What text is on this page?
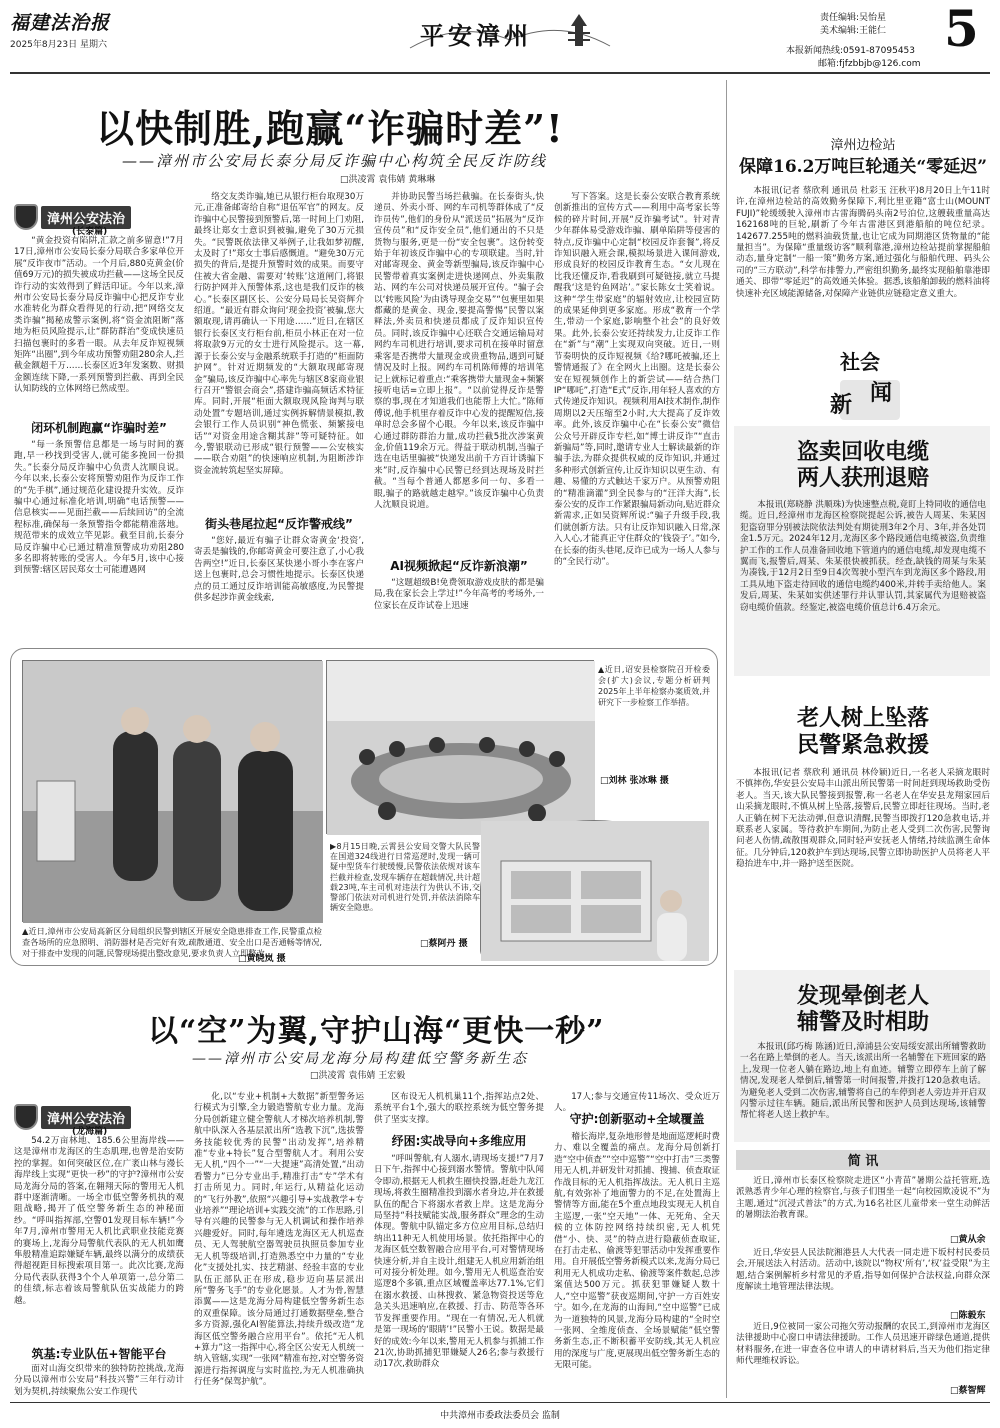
福建法治报
2025年8月23日 星期六	平安漳州
责任编辑:吴怡星
美术编辑:王能仁
本报新闻热线:0591-87095453
邮箱:fjfzbbjb@126.com
5
以快制胜,跑赢“诈骗时差”!
——漳州市公安局长泰分局反诈骗中心构筑全民反诈防线
□洪凌霄 袁伟婧 黄琳琳
漳州公安法治
(长泰篇)

“黄金投资有陷阱,汇款之前多留意!”7月17日,漳州市公安局长泰分局联合多家单位开展“反诈夜市”活动。一个月后,880克黄金(价值69万元)的损失被成功拦截——这场全民反诈行动的实效得到了鲜活印证。今年以来,漳州市公安局长泰分局反诈骗中心把反诈专业水准转化为群众看得见的行动,把“网络交友类诈骗”揭秘成警示案例,将“资金流阻断”落地为柜员风险提示,让“群防群治”变成快速员扫描包裹时的多看一眼。从去年反诈短视频矩阵“出圈”,到今年成功预警劝阻280余人,拦截金额超千万……长泰区近3年发案数、财损金额连续下降,一系列预警到拦截、再到全民认知防线的立体网络已然成型。

闭环机制跑赢“诈骗时差”

“每一条预警信息都是一场与时间的赛跑,早一秒找到受害人,就可能多挽回一份损失。”长泰分局反诈骗中心负责人沈顺良说。今年以来,长泰公安将预警劝阻作为反诈工作的“先手棋”,通过规范化建设提升实效。反诈骗中心通过标准化培训,明确“电话预警——信息核实——见面拦截——后续回访”的全流程标准,确保每一条预警指令都能精准落地。规范带来的成效立竿见影。截至目前,长泰分局反诈骗中心已通过精准预警成功劝阻280多名即将转账的受害人。今年5月,该中心接到预警:辖区居民郑女士可能遭遇网

络交友类诈骗,她已从银行柜台取现30万元,正准备邮寄给自称“退伍军官”的网友。反诈骗中心民警接到预警后,第一时间上门劝阻,最终让郑女士意识到被骗,避免了30万元损失。“民警既依法律又举例子,让我如梦初醒,太及时了!”郑女士事后感慨道。“避免30万元损失的背后,是提升预警时效的成果。而要守住被大省金融、需要对‘转账’这道闸门,将银行防护网并入预警体系,这也是我们反诈的核心。”长泰区副区长、公安分局局长吴资辉介绍道。“最近有群众询问‘现金投资’被骗,您大额取现,请再确认一下用途……”近日,在辖区银行长泰区支行柜台前,柜员小林正在对一位将取款9万元的女士进行风险提示。这一幕,源于长泰公安与金融系统联手打造的“柜面防护网”。针对近期频发的“大额取现邮寄现金”骗局,该反诈骗中心率先与辖区8家商业银行召开“警银会商会”,搭建诈骗高频话术特征库。同时,开展“柜面大额取现风险询判与联动处置”专题培训,通过实例拆解情景模拟,教会银行工作人员识别“神色慌张、频繁接电话”“对资金用途含糊其辞”等可疑特征。如今,警银联动已形成“银行预警——公安核实——联合劝阻”的快速响应机制,为阻断涉诈资金流转筑起坚实屏障。

街头巷尾拉起“反诈警戒线”

“您好,最近有骗子让群众寄黄金‘投资’,寄丢是骗钱的,你邮寄黄金可要注意了,小心我告两空!”近日,长泰区某快递小哥小李在客户送上包裹时,总会习惯性地提示。长泰区快递点的员工通过反诈培训能高敏感度,为民警提供多起涉诈黄金线索,

并协助民警当场拦截骗。在长泰街头,快递员、外卖小哥、网约车司机等群体成了“反诈员传”,他们的身份从“派送员”拓展为“反诈宣传员”和“反诈安全员”,他们通出的不只是货物与服务,更是一份“安全包裹”。这份转变始于年初该反诈骗中心的专项联建。当时,针对邮寄现金、黄金等新型骗局,该反诈骗中心民警带着真实案例走进快递网点、外卖集散站、网约车公司对快递员展开宣传。“骗子会以‘转账风险’为由诱导现金交易”“包裹里如果都藏的是黄金、现金,要提高警惕”民警以案释法,外卖员和快递员都成了反诈知识宣传员。同时,该反诈骗中心还联合交通运输局对网约车司机进行培训,要求司机在接单时留意乘客是否携带大量现金或贵重物品,遇到可疑情况及时上报。网约车司机陈师傅的培训笔记上就标记着重点:“乘客携带大量现金+频繁接听电话=立即上报”。“以前觉得反诈是警察的事,现在才知道我们也能帮上大忙。”陈师傅说,他手机里存着反诈中心发的提醒短信,接单时总会多留个心眼。今年以来,该反诈骗中心通过群防群治力量,成功拦截5批次涉案黄金,价值119余万元。得益于联动机制,当骗子选在电话里骗被“快递发出前千方百计诱骗下来”时,反诈骗中心民警已经到达现场及时拦截。“当每个普通人都愿多问一句、多看一眼,骗子的路就越走越窄。”该反诈骗中心负责人沈顺良说道。

AI视频掀起“反诈新浪潮”

“这题超级B!免费领取游戏皮肤的都是骗局,我在家长会上学过!”今年高考的考场外,一位家长在反诈试卷上迅速

写下答案。这是长泰公安联合教育系统创新推出的宣传方式——利用中高考家长等候的碎片时间,开展“反诈骗考试”。针对青少年群体易受游戏诈骗、刷单陷阱等侵害的特点,反诈骗中心定制“校园反诈套餐”,将反诈知识融入班会课,模拟场景进入课间游戏,形成良好的校园反诈教育生态。“女儿现在比我还懂反诈,看我刷到可疑链接,就立马提醒我‘这是钓鱼网站’。”家长陈女士笑着说。这种“学生带家庭”的辐射效应,让校园宣防的成果延伸到更多家庭。形成“教育一个学生,带动一个家庭,影响整个社会”的良好效果。此外,长泰公安还持续发力,让反诈工作在“新”与“潮”上实现双向突破。近日,一则节奏明快的反诈短视频《给?哪吒被骗,还上警情通报了》在全网火上出圈。这是长泰公安在短视频创作上的新尝试——结合热门IP“哪吒”,打造“E式”反诈,用年轻人喜欢的方式传递反诈知识。视频利用AI技术制作,制作周期以2天压缩至2小时,大大提高了反诈效率。此外,该反诈骗中心在“长泰公安”微信公众号开辟反诈专栏,如“博士讲反诈”“直击新骗局”等,同时,邀请专业人士解读最新的诈骗手法,为群众提供权威的反诈知识,并通过多种形式创新宣传,让反诈知识以更生动、有趣、易懂的方式触达千家万户。从预警劝阻的“精准滴灌”到全民参与的“汪洋大海”,长泰公安的反诈工作紧跟骗局新动向,贴近群众新需求,正如吴资辉所说:“骗子升级手段,我们就创新方法。只有让反诈知识融入日常,深入人心,才能真正守住群众的‘钱袋子’。”如今,在长泰的街头巷尾,反诈已成为一场人人参与的“全民行动”。

▲近日,漳州市公安局高新区分局组织民警到辖区开展安全隐患排查工作,民警重点检查各场所的应急照明、消防器材是否完好有效,疏散通道、安全出口是否通畅等情况,对于排查中发现的问题,民警现场提出整改意见,要求负责人立即整改。
□黄晓岚 摄
▲近日,诏安县检察院召开检委会(扩大)会议,专题分析研判2025年上半年检察办案质效,并研究下一步检察工作举措。
□刘林 张冰琳 摄
▶8月15日晚,云霄县公安局交警大队民警在国道324线进行日常巡逻时,发现一辆可疑中型货车行驶缓慢,民警依法依规对该车拦截并检查,发现车辆存在超载情况,共计超载23吨,车主司机对违法行为供认不讳,交警部门依法对司机进行处罚,并依法消除车辆安全隐患。
□蔡阿丹 摄
以“空”为翼,守护山海“更快一秒”
——漳州市公安局龙海分局构建低空警务新生态
□洪凌霄 袁伟婧 王宏毅
漳州公安法治
(龙海篇)

54.2万亩林地、185.6公里海岸线——这是漳州市龙海区的生态肌理,也曾是治安防控的掌握。如何突破区位,在广袤山林与漫长海岸线上实现“更快一秒”的守护?漳州市公安局龙海分局的答案,在翱翔天际的警用无人机群中逐渐清晰。一场全市低空警务机执的观阻战略,揭开了低空警务新生态的神秘面纱。“呼叫指挥部,空警01发现目标车辆!”今年7月,漳州市警用无人机比武职业技能竞赛的赛场上,龙海分局警航代表队的无人机如鹰隼般精准追踪嫌疑车辆,最终以满分的成绩获得超视距目标搜索项目第一。此次比赛,龙海分局代表队获得3个个人单项第一,总分第二的佳绩,标志着该局警航队伍实战能力的跨越。

筑基:专业队伍+智能平台

面对山海交织带来的独特防控挑战,龙海分局以漳州市公安局“科技兴警”三年行动计划为契机,持续聚焦公安工作现代

化,以“专业+机制+大数据”新型警务运行模式为引擎,全力锻造警航专业力量。龙海分局创新建立健全警航人才梯次培养机制,警航中队深入各基层派出所“选教下沉”,选拔警务技能较优秀的民警“出动发挥”,培养精准“专业+特长”复合型警航人才。利用公安无人机,“四个一”“一大提速”高清处置,“出动看警力”已分专业出手,精准打击“专”学术有打击所见力。同时,年运行,从精益化运动的“飞行外教”,依照“兴趣引导+实战教学+专业培养”“理论培训+实践交流”的工作思路,引导有兴趣的民警参与无人机调试和操作培养兴趣爱好。同时,每年遴选龙海区无人机巡查员、无人驾驶航空器驾驶员执照员参加专业无人机等级培训,打造熟悉空中力量的“专业化”支援处扎实、技艺精湛、经验丰富的专业队伍正部队正在形成,稳步迈向基层派出所“警务飞手”的专业化愿景。人才为骨,智慧添翼——这是龙海分局构建低空警务新生态的双重保障。该分局通过打通数据壁垒,整合多方资源,强化AI智能算法,持续升级改造“龙海区低空警务融合应用平台”。依托“无人机+算力”这一指挥中心,将全区公安无人机统一纳入管辖,实现“一张网”精准布控,对空警务资源进行指挥调度与实时监控,为无人机准确执行任务“保驾护航”。

区布设无人机机巢11个,指挥站点2处、系统平台1个,强大的联控系统为低空警务提供了坚实支撑。

纾困:实战导向+多维应用

“呼叫警航,有人溺水,请现场支援!”7月7日下午,指挥中心接到溺水警情。警航中队闻令即动,根据无人机救生圈快投器,赶赴九龙江现场,将救生圈精准投到溺水者身边,并在救援队伍的配合下将溺水者救上岸。这是龙海分局坚持“科技赋能实战,服务群众”理念的生动体现。警航中队锚定多方位应用目标,总结归纳出11种无人机使用场景。依托指挥中心的龙海区低空数智融合应用平台,可对警情现场快速分析,并自主设计,组建无人机应用新治组可对接分析处理。如今,警用无人机巡查治安巡逻8个多镇,重点区域覆盖率达77.1%,它们在溺水救援、山林搜救、紧急物资投送等危急关头迅速响应,在救援、打击、防范等各环节发挥重要作用。“现在一有情况,无人机就是第一现场的‘眼睛’!”民警小王说。数据是最好的成效:今年以来,警用无人机参与抓捕工作21次,协助抓捕犯罪嫌疑人26名;参与救援行动17次,救助群众

17人;参与交通宣传11场次、受众近万人。

守护:创新驱动+全域覆盖

稽长海岸,复杂地形曾是地面巡逻耗时费力、难以全覆盖的痛点。龙海分局创新打造“空中侦查”“空中巡警”“空中打击”三类警用无人机,并研发针对抓捕、搜捕、侦查取证作战目标的无人机指挥战法。无人机日主巡航,有效弥补了地面警力的不足,在处置海上警情等方面,能在5个重点地段实现无人机自主巡逻,一张“空天地”一体、无死角、全天候的立体防控网络持续织密,无人机凭借“小、快、灵”的特点进行隐蔽侦查取证,在打击走私、偷渡等犯罪活动中发挥重要作用。自开展低空警务新模式以来,龙海分局已利用无人机成功走私、偷渡等案件数起,总涉案值达500万元。抓获犯罪嫌疑人数十人,“空中巡警”获夜巡期间,守护一方百姓安宁。如今,在龙海的山海间,“空中巡警”已成为一道独特的风景,龙海分局构建的“全时空一张网、全维度侦查、全场景赋能”低空警务新生态,正不断积蓄平安防线,其无人机应用的深度与广度,更展现出低空警务新生态的无限可能。

漳州边检站
保障16.2万吨巨轮通关“零延迟”

本报讯(记者 蔡欣利 通讯员 杜彩玉 汪秋平)8月20日上午11时许,在漳州边检站的高效勤务保障下,利比里亚籍“富士山(MOUNT FUJI)”轮缓缓驶入漳州市古雷海腾码头南2号泊位,这艘载重量高达162168吨的巨轮,刷新了今年古雷港区到港船舶的吨位纪录。142677.255吨的燃料油载货量,也让它成为同期港区货物量的“能量担当”。为保障“重量级访客”顺利靠港,漳州边检站提前掌握船舶动态,量身定制“一船一策”勤务方案,通过强化与船舶代理、码头公司的“三方联动”,科学布排警力,严密组织勤务,最终实现船舶靠港即通关、即带“零延迟”的高效通关体验。据悉,该船舶卸载的燃料油将快速补充区域能源储备,对保障产业链供应链稳定意义重大。

社会
新 闻
盗卖回收电缆
两人获刑退赔

本报讯(郑晓静 洪顺珠)为快速整点税,竟盯上特同收的通信电缆。近日,经漳州市龙海区检察院提起公诉,被告人周某、朱某因犯盗窃罪分别被法院依法判处有期徒刑3年2个月、3年,并各处罚金1.5万元。2024年12月,龙海区多个路段通信电缆被盗,负责维护工作的工作人员准备回收地下管道内的通信电缆,却发现电缆不翼而飞,报警后,周某、朱某很快被抓获。经查,缺钱的周某与朱某为凑钱,于12月2日至9日4次驾驶小型汽车到龙海区多个路段,用工具从地下盗走待回收的通信电缆约400米,并转手卖给他人。案发后,周某、朱某如实供述罪行并认罪认罚,其家属代为退赔被盗窃电缆价值款。经鉴定,被盗电缆价值总计6.4万余元。

老人树上坠落
民警紧急救援

本报讯(记者 蔡欣利 通讯员 林伶颖)近日,一名老人采摘龙眼时不慎摔伤,华安县公安局丰山派出所民警第一时间赶到现场救助受伤老人。当天,该大队民警接到报警,称一名老人在华安县龙翔家园后山采摘龙眼时,不慎从树上坠落,接警后,民警立即赶往现场。当时,老人正躺在树下无法动弹,但意识清醒,民警当即拨打120急救电话,并联系老人家属。等待救护车期间,为防止老人受到二次伤害,民警询问老人伤情,疏散围观群众,同时轻声安抚老人情绪,持续监测生命体征。几分钟后,120救护车到达现场,民警立即协助医护人员将老人平稳抬进车中,并一路护送至医院。

发现晕倒老人
辅警及时相助

本报讯(邱巧梅 陈涵)近日,漳浦县公安局绥安派出所辅警救助一名在路上晕倒的老人。当天,该派出所一名辅警在下班回家的路上,发现一位老人躺在路边,地上有血迹。辅警立即停车上前了解情况,发现老人晕倒后,辅警第一时间报警,并拨打120急救电话。为避免老人受到二次伤害,辅警将自己的车停到老人旁边并开启双闪警示过往车辆。随后,派出所民警和医护人员到达现场,该辅警帮忙将老人送上救护车。

简 讯

近日,漳州市长泰区检察院走进区“小青苗”暑期公益托管班,选派熟悉青少年心理的检察官,与孩子们围坐一起“向校园欺凌说不”为主题,通过“沉浸式普法”的方式,为16名社区儿童带来一堂生动鲜活的暑期法治教育课。

□黄从余

近日,华安县人民法院湘港县人大代表一同走进下坂村村民委员会,开展送法入村活动。活动中,该院以“物权‘所有’,‘权’益受限”为主题,结合案例解析乡村常见的矛盾,指导如何保护合法权益,向群众深度解读土地管理法律法规。

□陈毅东

近日,9位被同一家公司拖欠劳动报酬的农民工,到漳州市龙海区法律援助中心窗口申请法律援助。工作人员迅速开辟绿色通道,提供材料服务,在进一审查各位申请人的申请材料后,当天为他们指定律师代理维权诉讼。

□蔡智辉
中共漳州市委政法委员会 监制
